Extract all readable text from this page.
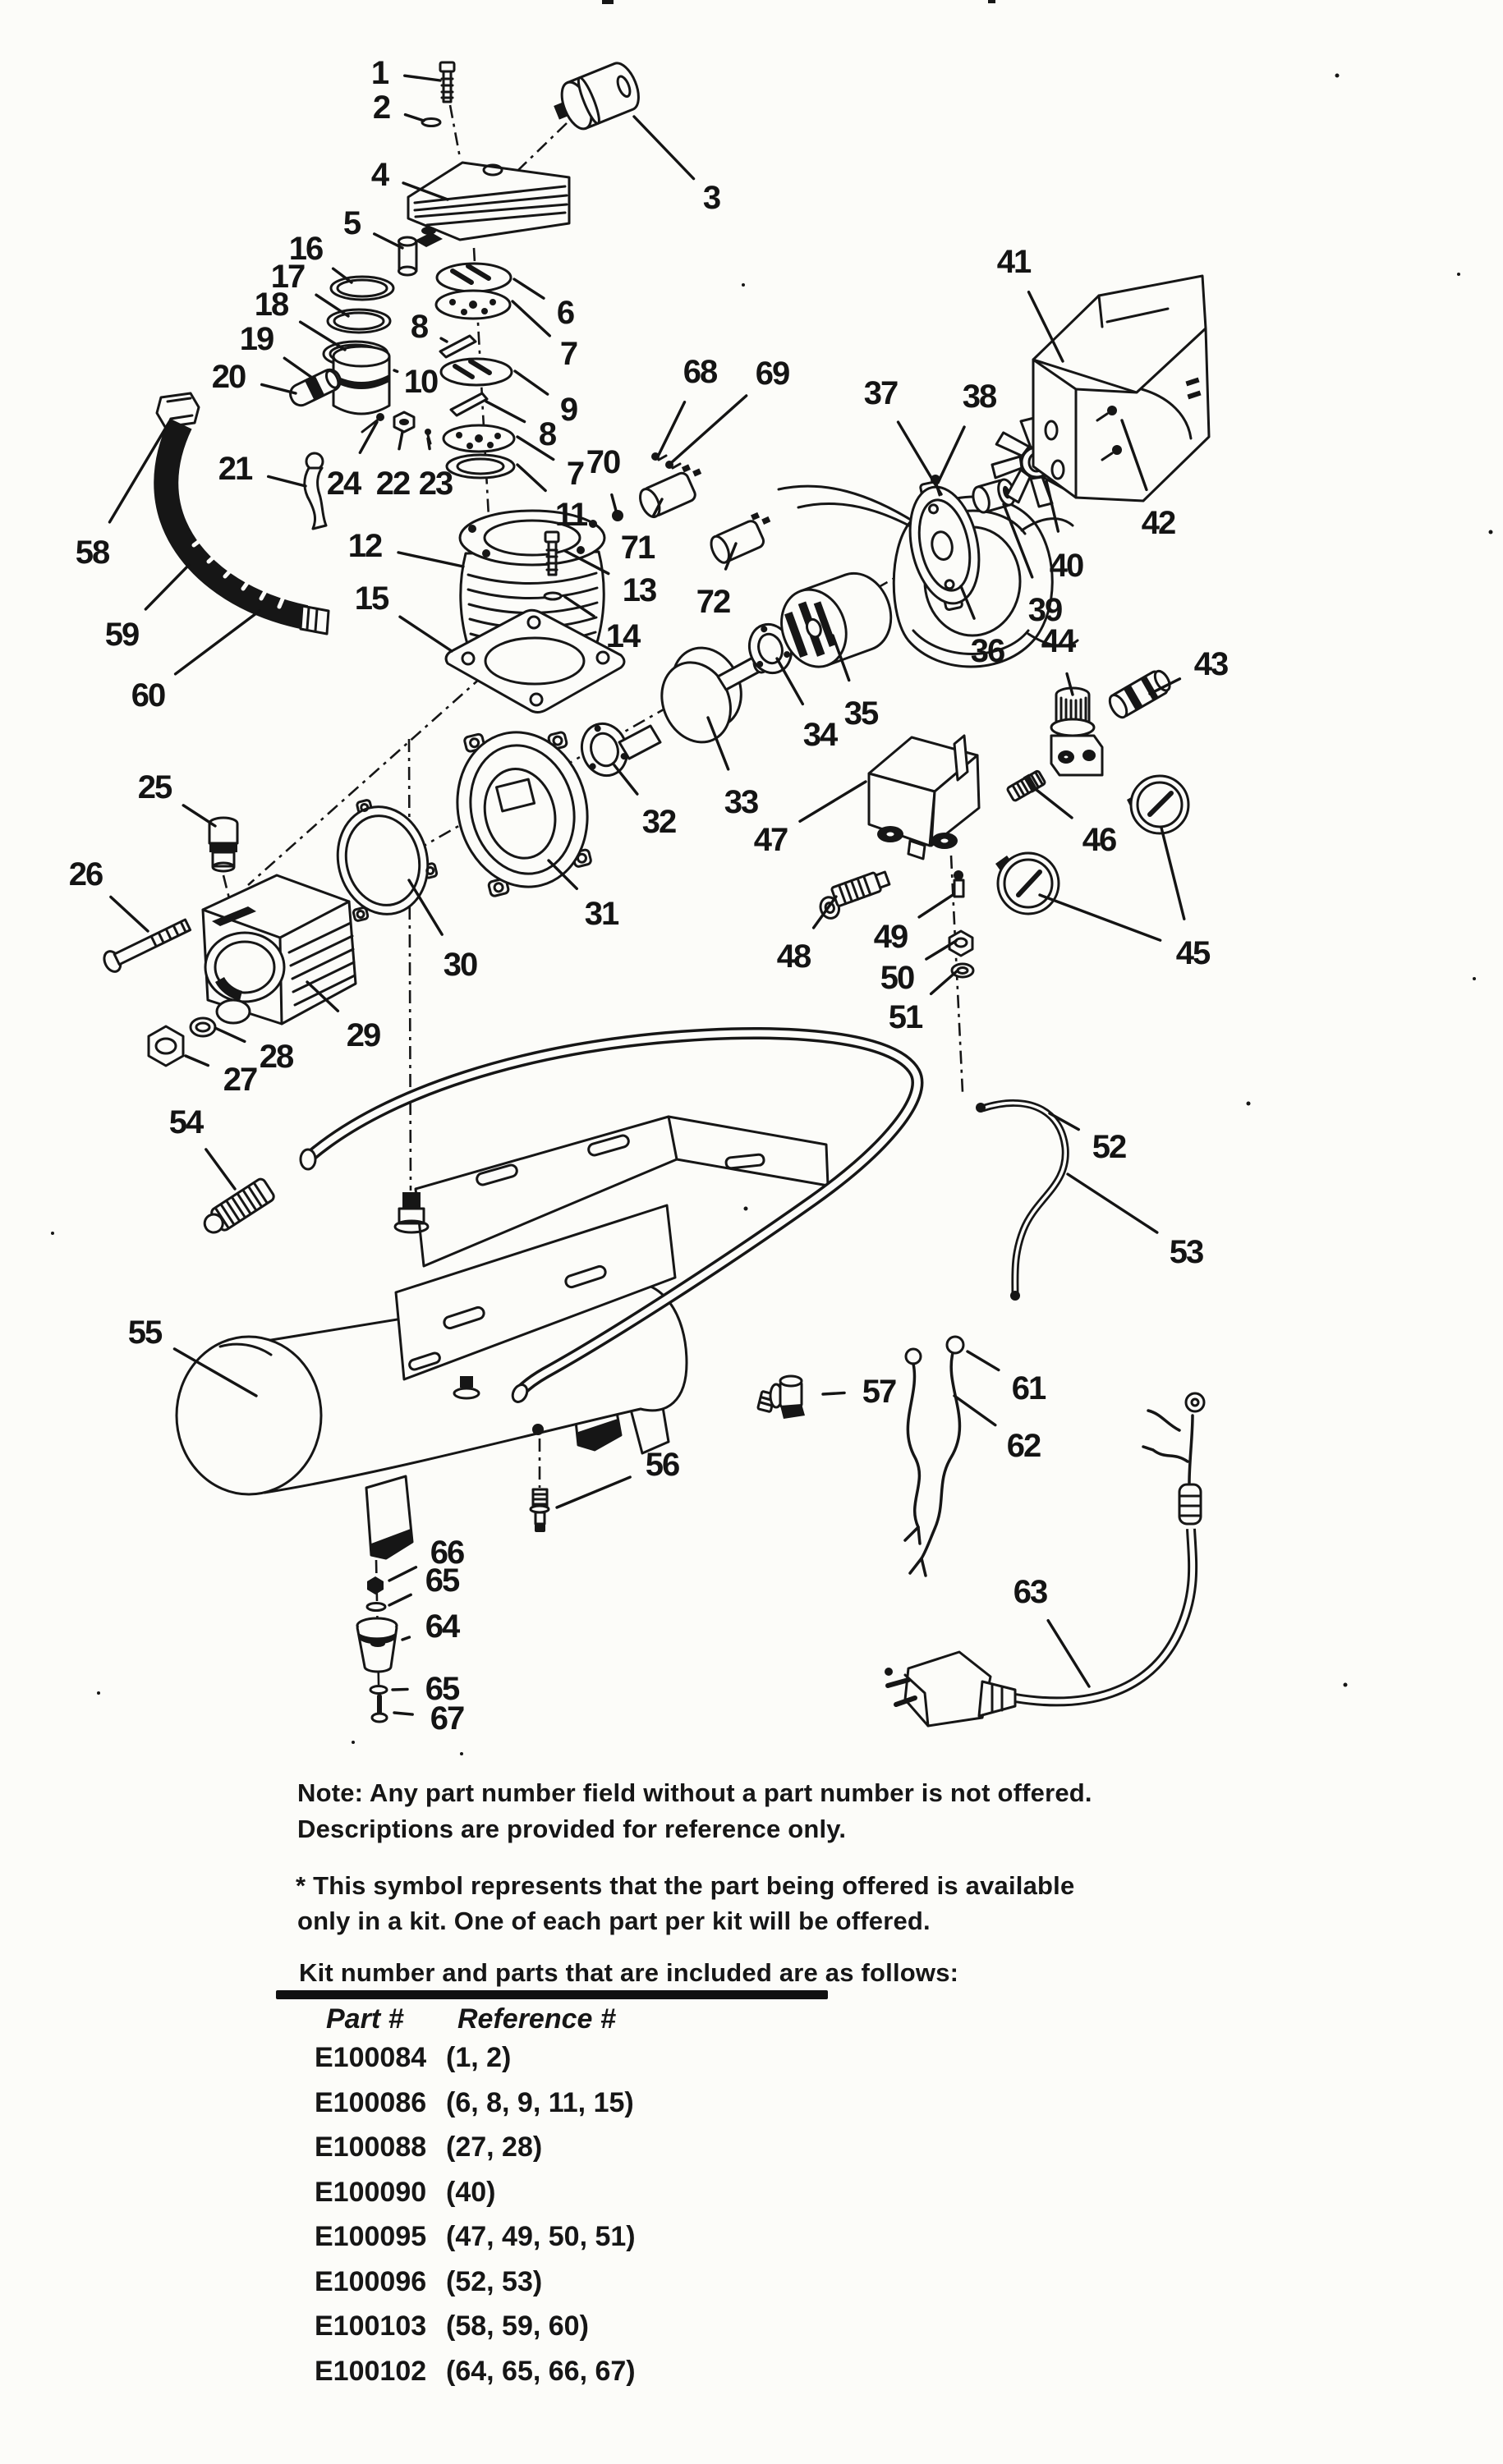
1
2
3
4
5
6
7
8
9
8
7
10
11
12
13
14
15
16
17
18
19
20
21	22 23
24
25
26
27
28
29
30
31
32
33
34
35
36
37 38
39
40
41
42
43
44
45
46
47
48
49
50
51
52
53
54
55
56
57
58
59
60
61
62
63
64
65
65
66
67
68 69
70
71
72
Note: Any part number field without a part number is not offered.
Descriptions are provided for reference only.
* This symbol represents that the part being offered is available
only in a kit. One of each part per kit will be offered.
Kit number and parts that are included are as follows:
Part #	Reference #
E100084 (1, 2)
E100086 (6, 8, 9, 11, 15)
E100088 (27, 28)
E100090 (40)
E100095 (47, 49, 50, 51)
E100096 (52, 53)
E100103 (58, 59, 60)
E100102 (64, 65, 66, 67)
